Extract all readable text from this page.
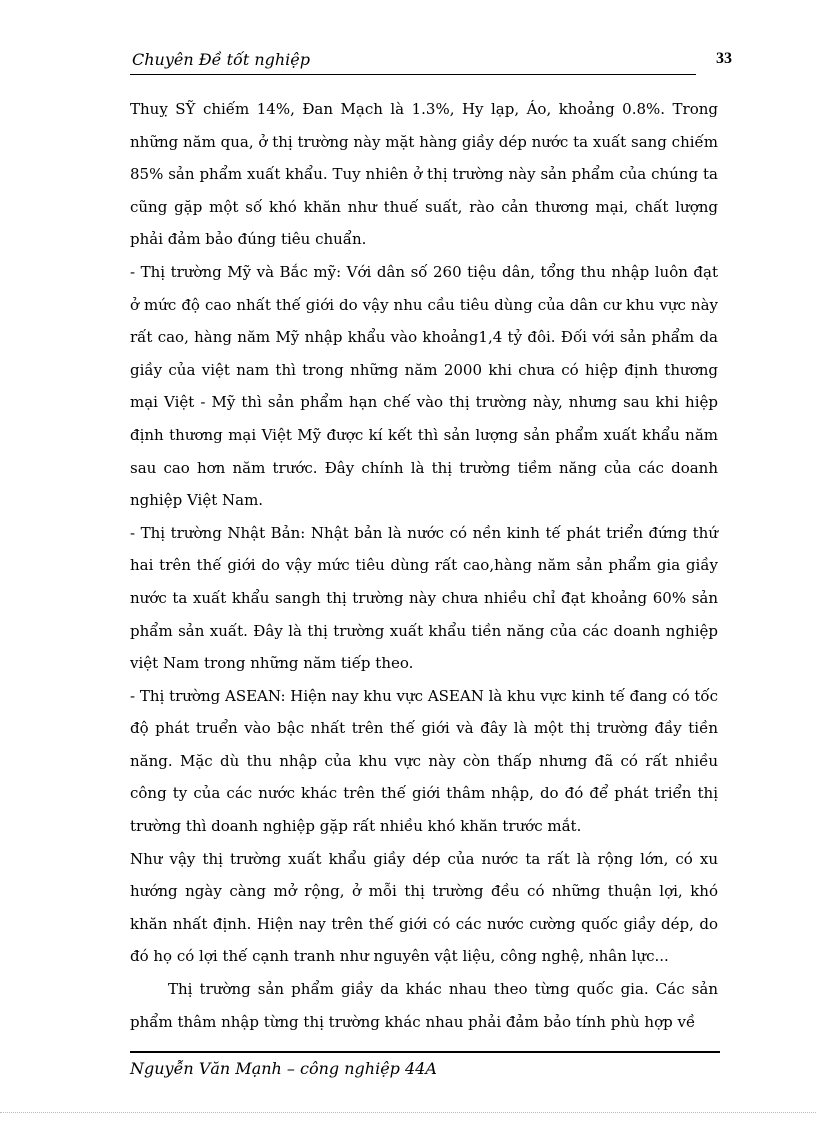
Chuyên Đề tốt nghiệp	33

Thuỵ SỸ chiếm 14%, Đan Mạch là 1.3%, Hy lạp, Áo, khoảng 0.8%. Trong những năm qua, ở thị trường này mặt hàng giầy dép nước ta xuất sang chiếm 85% sản phẩm xuất khẩu. Tuy nhiên ở thị trường này sản phẩm của chúng ta cũng gặp một số khó khăn như thuế suất, rào cản thương mại, chất lượng phải đảm bảo đúng tiêu chuẩn.

- Thị trường Mỹ và Bắc mỹ: Với dân số 260 tiệu dân, tổng thu nhập luôn đạt ở mức độ cao nhất thế giới do vậy nhu cầu tiêu dùng của dân cư khu vực này rất cao, hàng năm Mỹ nhập khẩu vào khoảng1,4 tỷ đôi. Đối với sản phẩm da giầy của việt nam thì trong những năm 2000 khi chưa có hiệp định thương mại Việt - Mỹ thì sản phẩm hạn chế vào thị trường này, nhưng sau khi hiệp định thương mại Việt Mỹ được kí kết thì sản lượng sản phẩm xuất khẩu năm sau cao hơn năm trước. Đây chính là thị trường tiềm năng của các doanh nghiệp Việt Nam.

- Thị trường Nhật Bản: Nhật bản là nước có nền kinh tế phát triển đứng thứ hai trên thế giới do vậy mức tiêu dùng rất cao,hàng năm sản phẩm gia giầy nước ta xuất khẩu sangh thị trường này chưa nhiều chỉ đạt khoảng 60% sản phẩm sản xuất. Đây là thị trường xuất khẩu tiền năng của các doanh nghiệp việt Nam trong những năm tiếp theo.

- Thị trường ASEAN: Hiện nay khu vực ASEAN là khu vực kinh tế đang có tốc độ phát truển vào bậc nhất trên thế giới và đây là một thị trường đầy tiền năng. Mặc dù thu nhập của khu vực này còn thấp nhưng đã có rất nhiều công ty của các nước khác trên thế giới thâm nhập, do đó để phát triển thị trường thì doanh nghiệp gặp rất nhiều khó khăn trước mắt.

Như vậy thị trường xuất khẩu giầy dép của nước ta rất là rộng lớn, có xu hướng ngày càng mở rộng, ở mỗi thị trường đều có những thuận lợi, khó khăn nhất định. Hiện nay trên thế giới có các nước cường quốc giầy dép, do đó họ có lợi thế cạnh tranh như nguyên vật liệu, công nghệ, nhân lực...

Thị trường sản phẩm giầy da khác nhau theo từng quốc gia. Các sản phẩm thâm nhập từng thị trường khác nhau phải đảm bảo tính phù hợp về

Nguyễn Văn Mạnh – công nghiệp 44A
